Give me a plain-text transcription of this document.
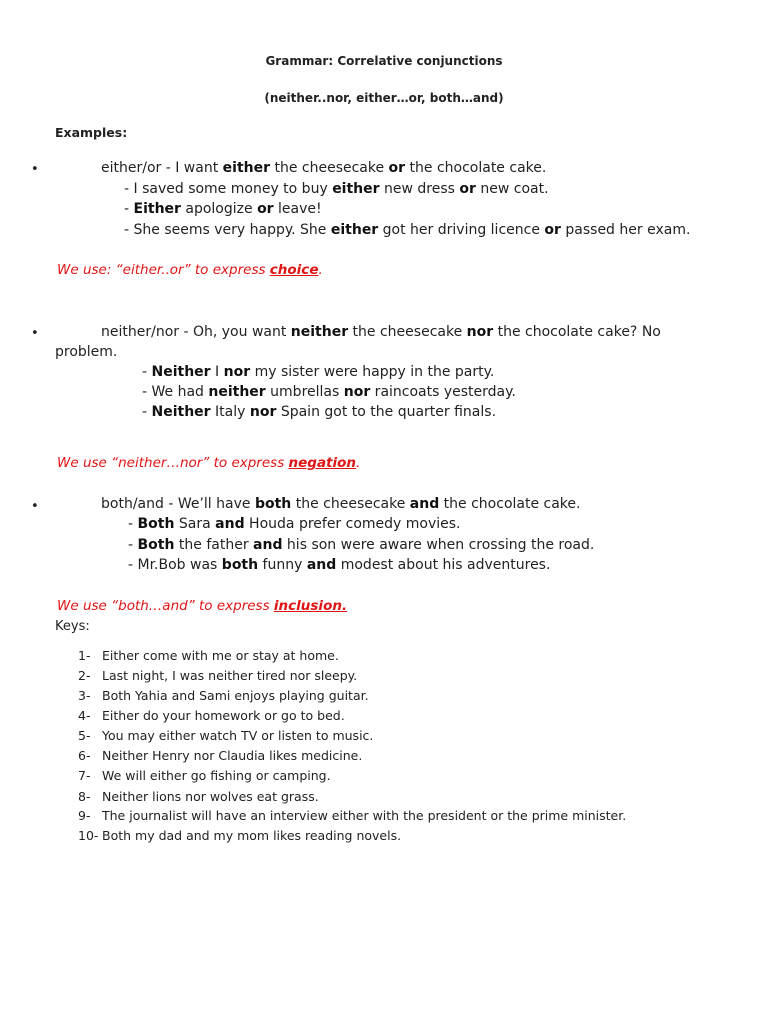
Grammar: Correlative conjunctions
(neither..nor, either…or, both…and)
Examples:
•	either/or - I want either the cheesecake or the chocolate cake.
- I saved some money to buy either new dress or new coat.
- Either apologize or leave!
- She seems very happy. She either got her driving licence or passed her exam.
We use: “either..or” to express choice.
•	neither/nor - Oh, you want neither the cheesecake nor the chocolate cake? No
problem.
- Neither I nor my sister were happy in the party.
- We had neither umbrellas nor raincoats yesterday.
- Neither Italy nor Spain got to the quarter finals.
We use “neither…nor” to express negation.
•	both/and - We’ll have both the cheesecake and the chocolate cake.
- Both Sara and Houda prefer comedy movies.
- Both the father and his son were aware when crossing the road.
- Mr.Bob was both funny and modest about his adventures.
We use “both…and” to express inclusion.
Keys:
1- Either come with me or stay at home.
2- Last night, I was neither tired nor sleepy.
3- Both Yahia and Sami enjoys playing guitar.
4- Either do your homework or go to bed.
5- You may either watch TV or listen to music.
6- Neither Henry nor Claudia likes medicine.
7- We will either go fishing or camping.
8- Neither lions nor wolves eat grass.
9- The journalist will have an interview either with the president or the prime minister.
10- Both my dad and my mom likes reading novels.
